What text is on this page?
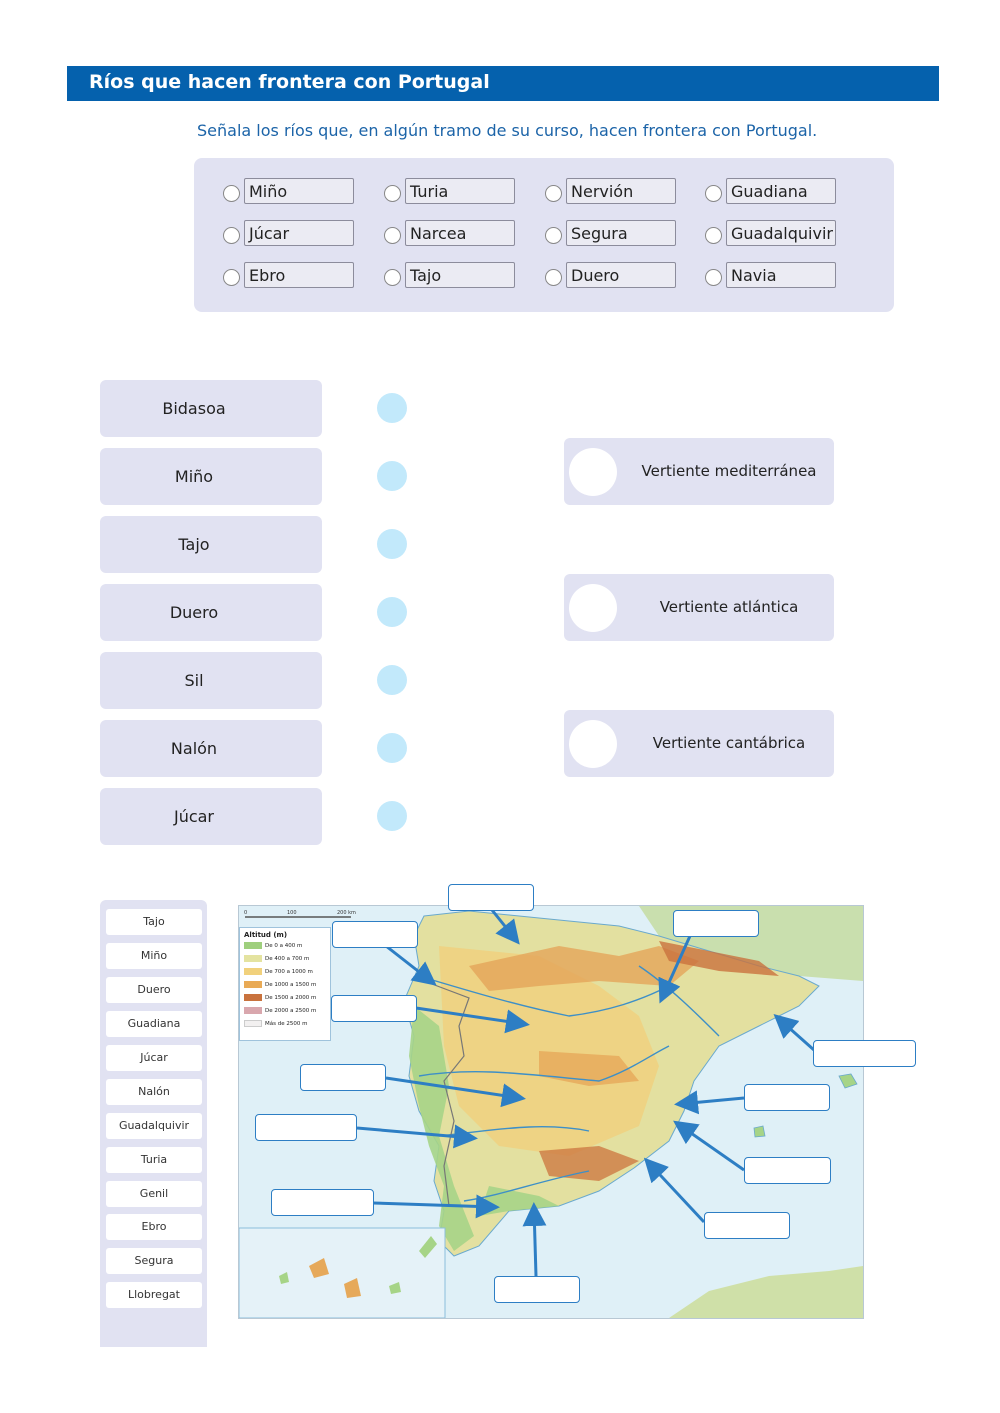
Ríos que hacen frontera con Portugal
Señala los ríos que, en algún tramo de su curso, hacen frontera con Portugal.
Miño	Turia	Nervión	Guadiana
Júcar	Narcea	Segura	Guadalquivir
Ebro	Tajo	Duero	Navia
Bidasoa
Miño
Tajo
Duero
Sil
Nalón
Júcar
Vertiente mediterránea
Vertiente atlántica
Vertiente cantábrica
Tajo
Miño
Duero
Guadiana
Júcar
Nalón
Guadalquivir
Turia
Genil
Ebro
Segura
Llobregat
0	100	200 km
Altitud (m)
De 0 a 400 m
De 400 a 700 m
De 700 a 1000 m
De 1000 a 1500 m
De 1500 a 2000 m
De 2000 a 2500 m
Más de 2500 m
